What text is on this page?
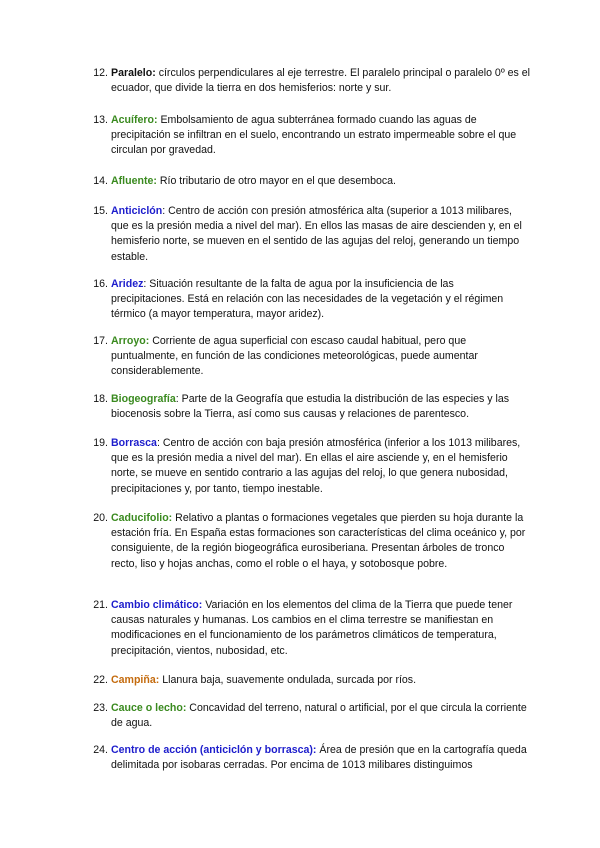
12. Paralelo: círculos perpendiculares al eje terrestre. El paralelo principal o paralelo 0º es el ecuador, que divide la tierra en dos hemisferios: norte y sur.
13. Acuífero: Embolsamiento de agua subterránea formado cuando las aguas de precipitación se infiltran en el suelo, encontrando un estrato impermeable sobre el que circulan por gravedad.
14. Afluente: Río tributario de otro mayor en el que desemboca.
15. Anticiclón: Centro de acción con presión atmosférica alta (superior a 1013 milibares, que es la presión media a nivel del mar). En ellos las masas de aire descienden y, en el hemisferio norte, se mueven en el sentido de las agujas del reloj, generando un tiempo estable.
16. Aridez: Situación resultante de la falta de agua por la insuficiencia de las precipitaciones. Está en relación con las necesidades de la vegetación y el régimen térmico (a mayor temperatura, mayor aridez).
17. Arroyo: Corriente de agua superficial con escaso caudal habitual, pero que puntualmente, en función de las condiciones meteorológicas, puede aumentar considerablemente.
18. Biogeografía: Parte de la Geografía que estudia la distribución de las especies y las biocenosis sobre la Tierra, así como sus causas y relaciones de parentesco.
19. Borrasca: Centro de acción con baja presión atmosférica (inferior a los 1013 milibares, que es la presión media a nivel del mar). En ellas el aire asciende y, en el hemisferio norte, se mueve en sentido contrario a las agujas del reloj, lo que genera nubosidad, precipitaciones y, por tanto, tiempo inestable.
20. Caducifolio: Relativo a plantas o formaciones vegetales que pierden su hoja durante la estación fría. En España estas formaciones son características del clima oceánico y, por consiguiente, de la región biogeográfica eurosiberiana. Presentan árboles de tronco recto, liso y hojas anchas, como el roble o el haya, y sotobosque pobre.
21. Cambio climático: Variación en los elementos del clima de la Tierra que puede tener causas naturales y humanas. Los cambios en el clima terrestre se manifiestan en modificaciones en el funcionamiento de los parámetros climáticos de temperatura, precipitación, vientos, nubosidad, etc.
22. Campiña: Llanura baja, suavemente ondulada, surcada por ríos.
23. Cauce o lecho: Concavidad del terreno, natural o artificial, por el que circula la corriente de agua.
24. Centro de acción (anticiclón y borrasca): Área de presión que en la cartografía queda delimitada por isobaras cerradas. Por encima de 1013 milibares distinguimos
